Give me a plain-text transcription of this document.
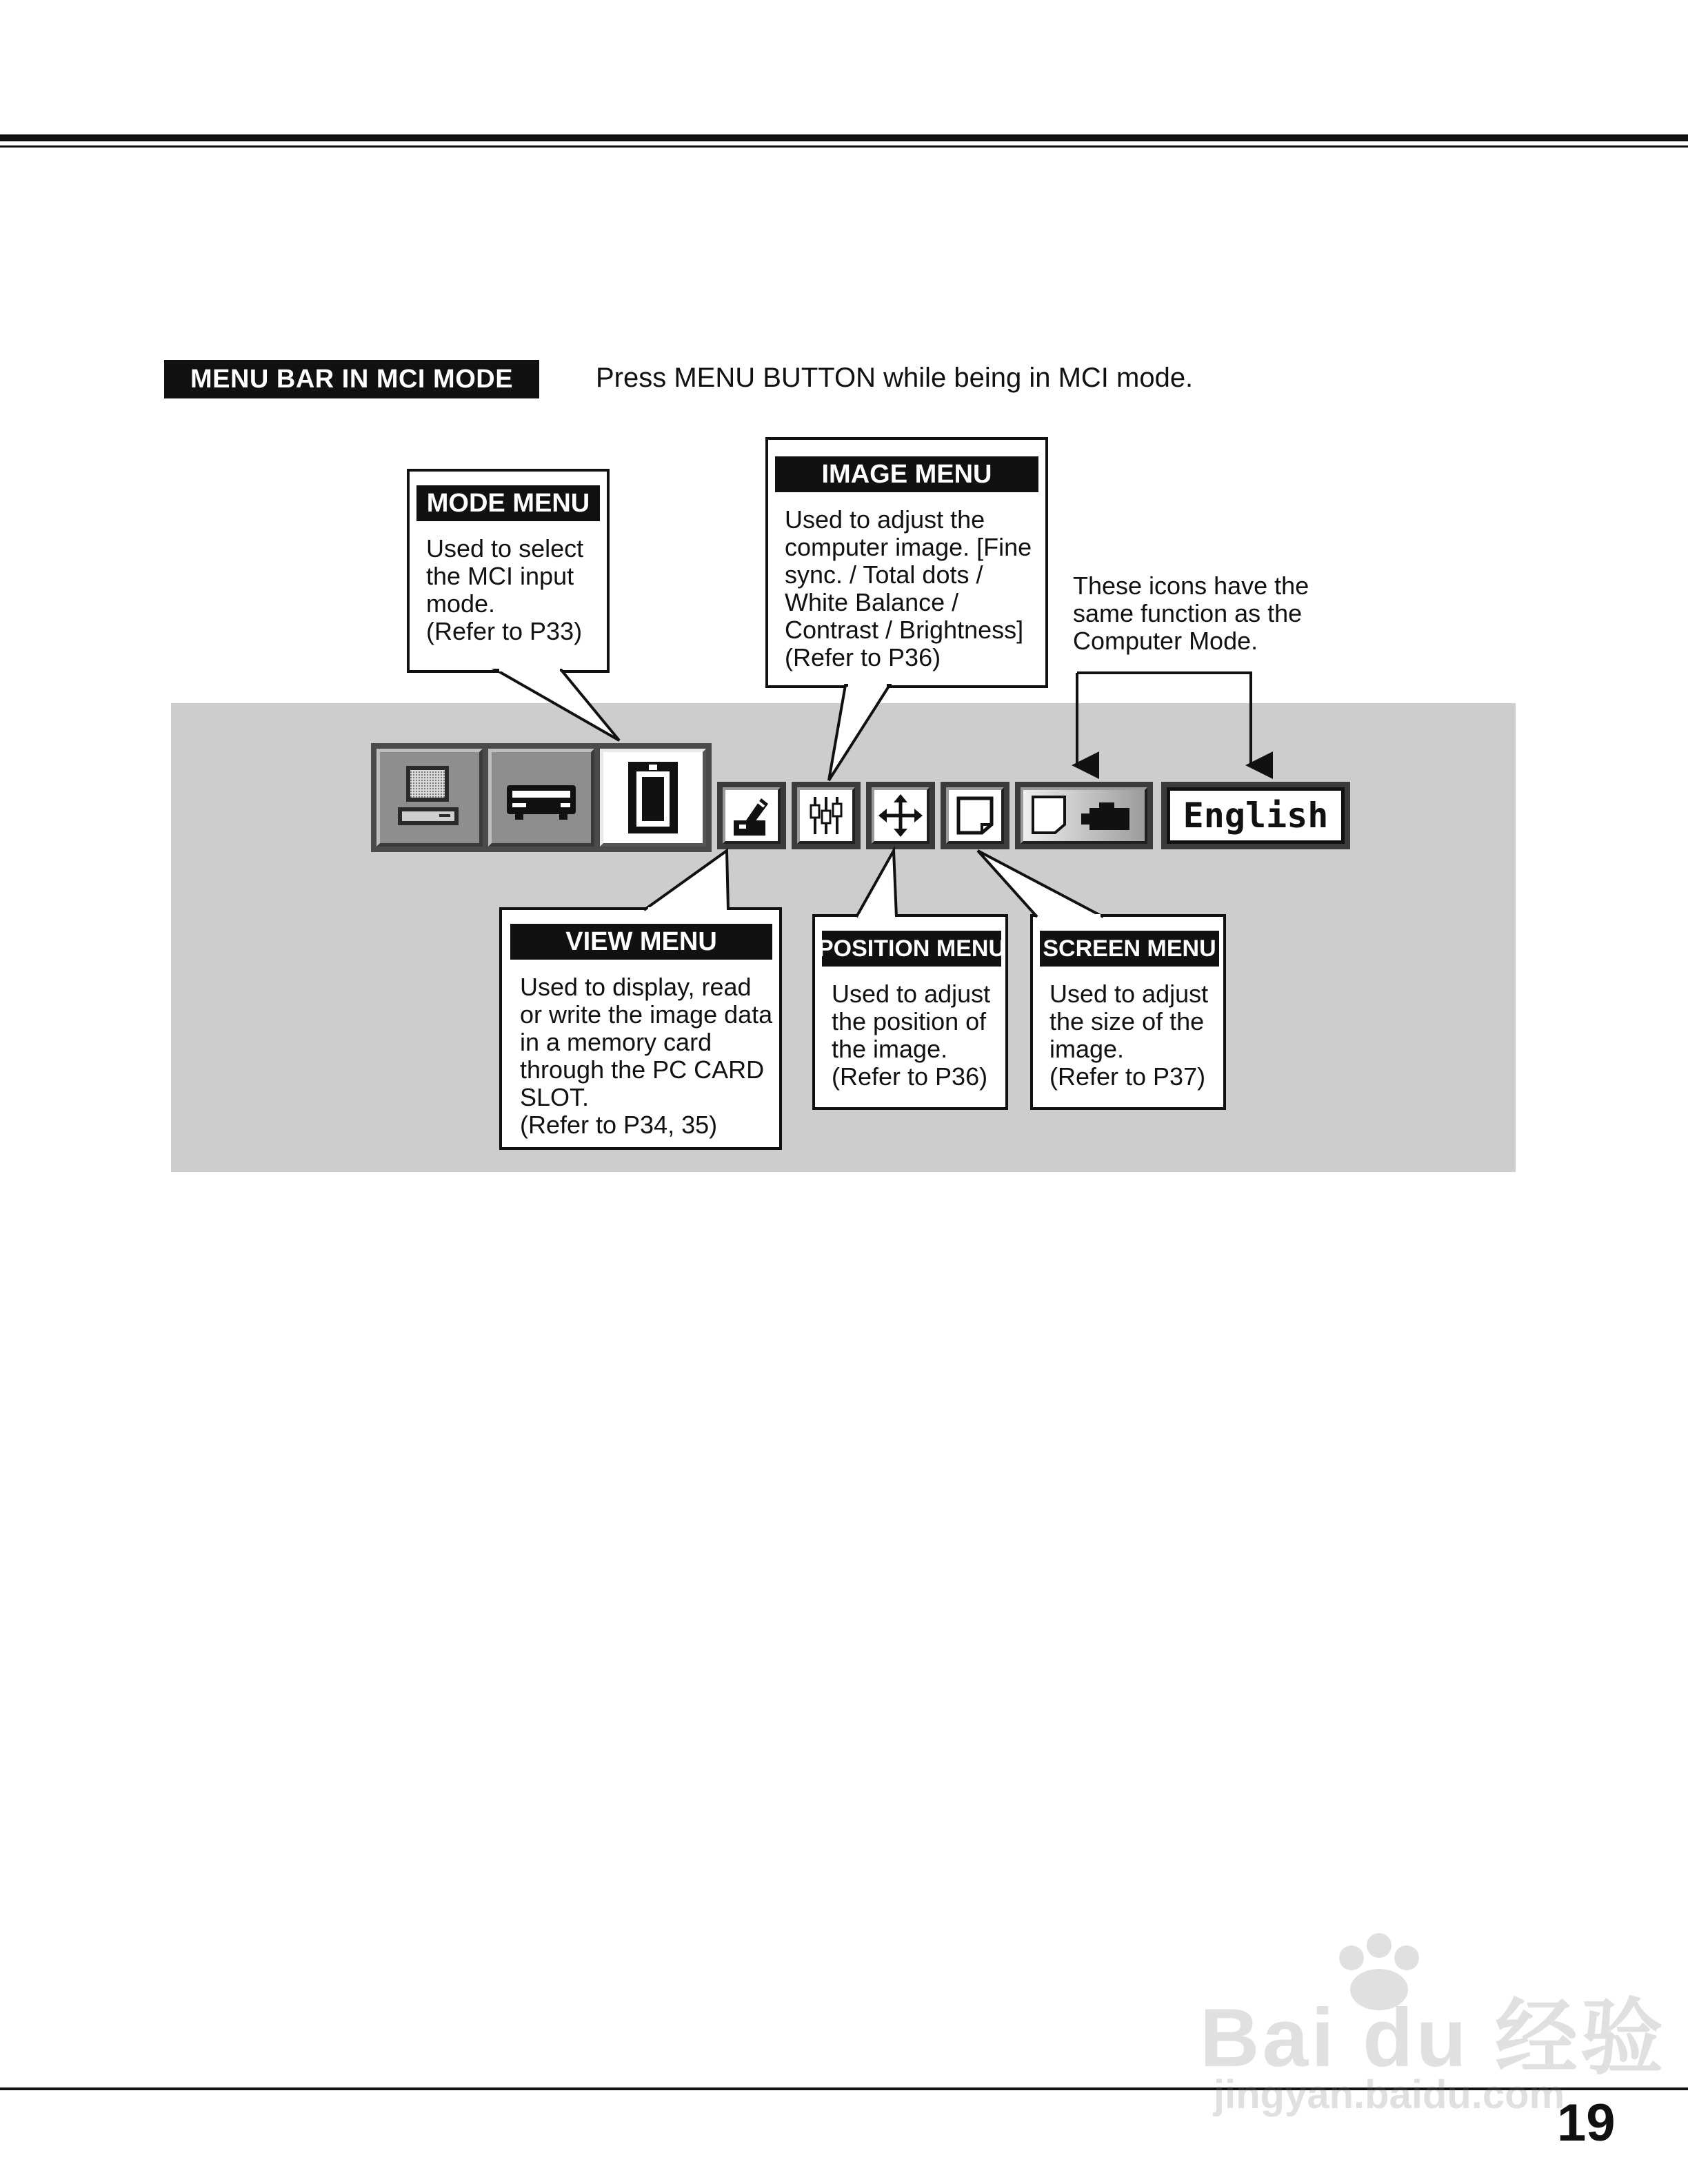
MENU BAR IN MCI MODE	Press MENU BUTTON while being in MCI mode.
These icons have the
same function as the
Computer Mode.
MODE MENU
Used to select
the MCI input
mode.
(Refer to P33)
IMAGE MENU
Used to adjust the
computer image. [Fine
sync. / Total dots /
White Balance /
Contrast / Brightness]
(Refer to P36)
VIEW MENU
Used to display, read
or write the image data
in a memory card
through the PC CARD
SLOT.
(Refer to P34, 35)
POSITION MENU
Used to adjust
the position of
the image.
(Refer to P36)
SCREEN MENU
Used to adjust
the size of the
image.
(Refer to P37)
English
19
Bai du 经验
jingyan.baidu.com
